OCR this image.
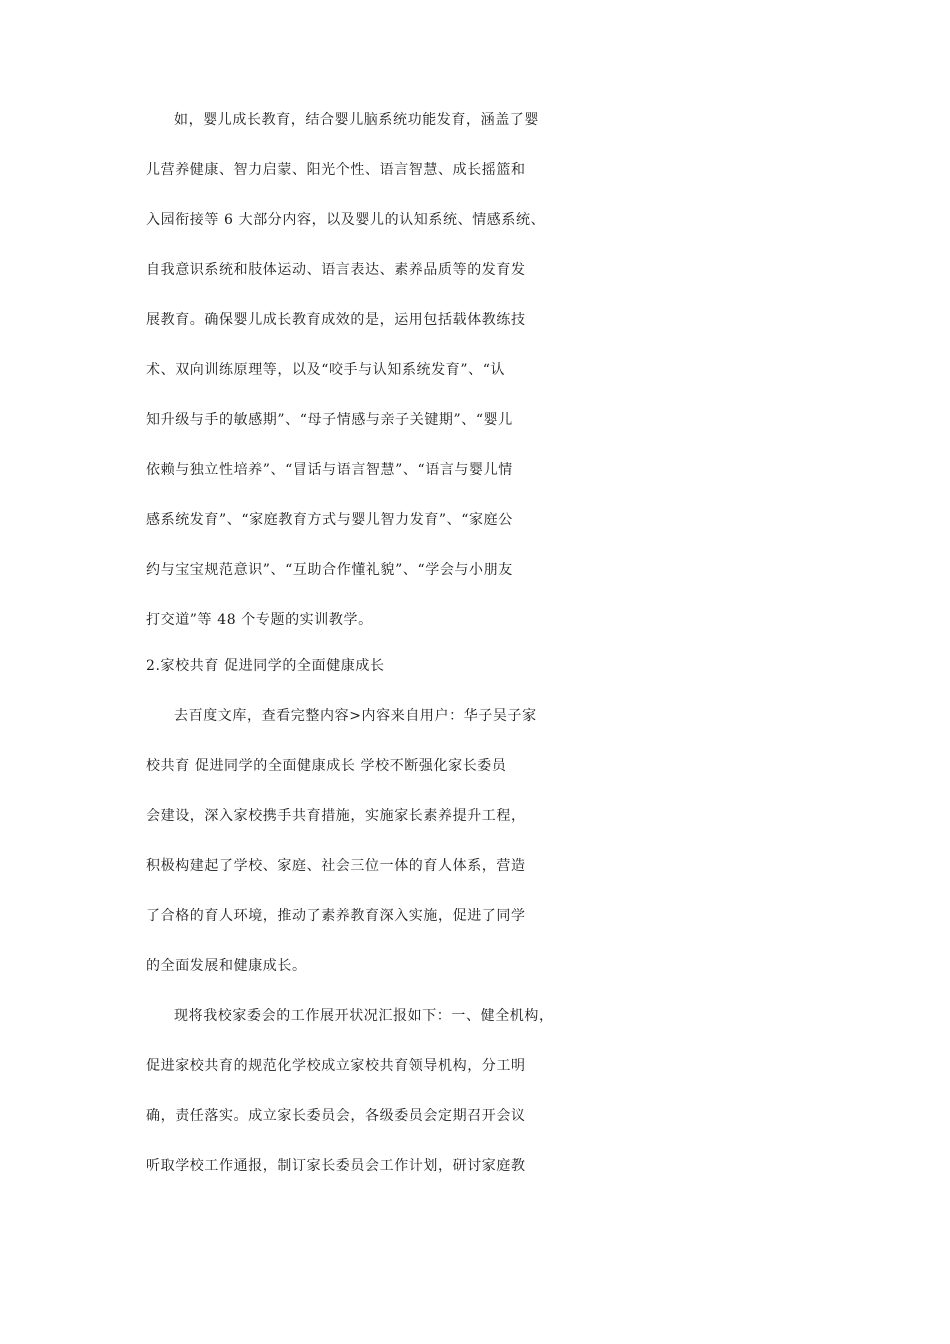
如，婴儿成长教育，结合婴儿脑系统功能发育，涵盖了婴
儿营养健康、智力启蒙、阳光个性、语言智慧、成长摇篮和
入园衔接等 6 大部分内容，以及婴儿的认知系统、情感系统、
自我意识系统和肢体运动、语言表达、素养品质等的发育发
展教育。确保婴儿成长教育成效的是，运用包括载体教练技
术、双向训练原理等，以及“咬手与认知系统发育”、“认
知升级与手的敏感期”、“母子情感与亲子关键期”、“婴儿
依赖与独立性培养”、“冒话与语言智慧”、“语言与婴儿情
感系统发育”、“家庭教育方式与婴儿智力发育”、“家庭公
约与宝宝规范意识”、“互助合作懂礼貌”、“学会与小朋友
打交道”等 48 个专题的实训教学。
2.家校共育 促进同学的全面健康成长
去百度文库，查看完整内容>内容来自用户：华子吴子家
校共育 促进同学的全面健康成长 学校不断强化家长委员
会建设，深入家校携手共育措施，实施家长素养提升工程，
积极构建起了学校、家庭、社会三位一体的育人体系，营造
了合格的育人环境，推动了素养教育深入实施，促进了同学
的全面发展和健康成长。
现将我校家委会的工作展开状况汇报如下：一、健全机构，
促进家校共育的规范化学校成立家校共育领导机构，分工明
确，责任落实。成立家长委员会，各级委员会定期召开会议
听取学校工作通报，制订家长委员会工作计划，研讨家庭教
